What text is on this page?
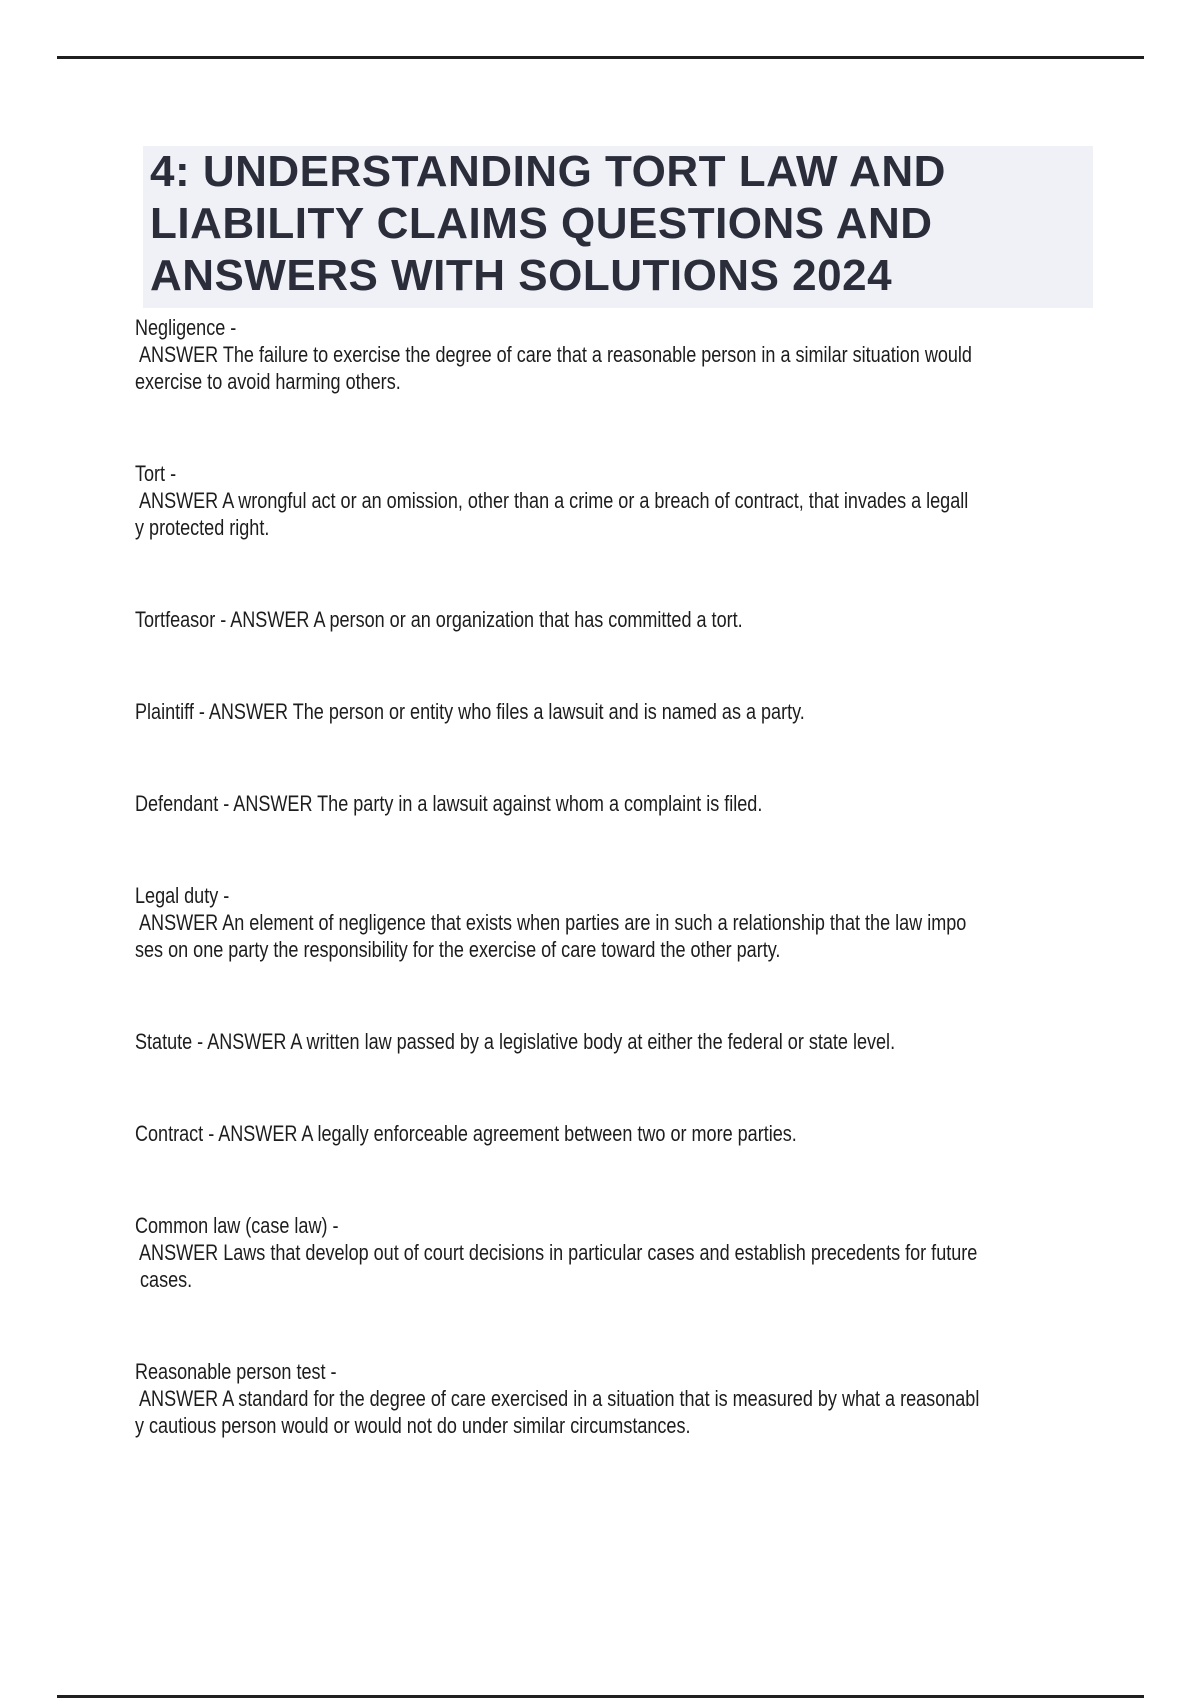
4: UNDERSTANDING TORT LAW AND
LIABILITY CLAIMS QUESTIONS AND
ANSWERS WITH SOLUTIONS 2024
Negligence -
ANSWER The failure to exercise the degree of care that a reasonable person in a similar situation would
exercise to avoid harming others.
Tort -
ANSWER A wrongful act or an omission, other than a crime or a breach of contract, that invades a legall
y protected right.
Tortfeasor - ANSWER A person or an organization that has committed a tort.
Plaintiff - ANSWER The person or entity who files a lawsuit and is named as a party.
Defendant - ANSWER The party in a lawsuit against whom a complaint is filed.
Legal duty -
ANSWER An element of negligence that exists when parties are in such a relationship that the law impo
ses on one party the responsibility for the exercise of care toward the other party.
Statute - ANSWER A written law passed by a legislative body at either the federal or state level.
Contract - ANSWER A legally enforceable agreement between two or more parties.
Common law (case law) -
ANSWER Laws that develop out of court decisions in particular cases and establish precedents for future
cases.
Reasonable person test -
ANSWER A standard for the degree of care exercised in a situation that is measured by what a reasonabl
y cautious person would or would not do under similar circumstances.
